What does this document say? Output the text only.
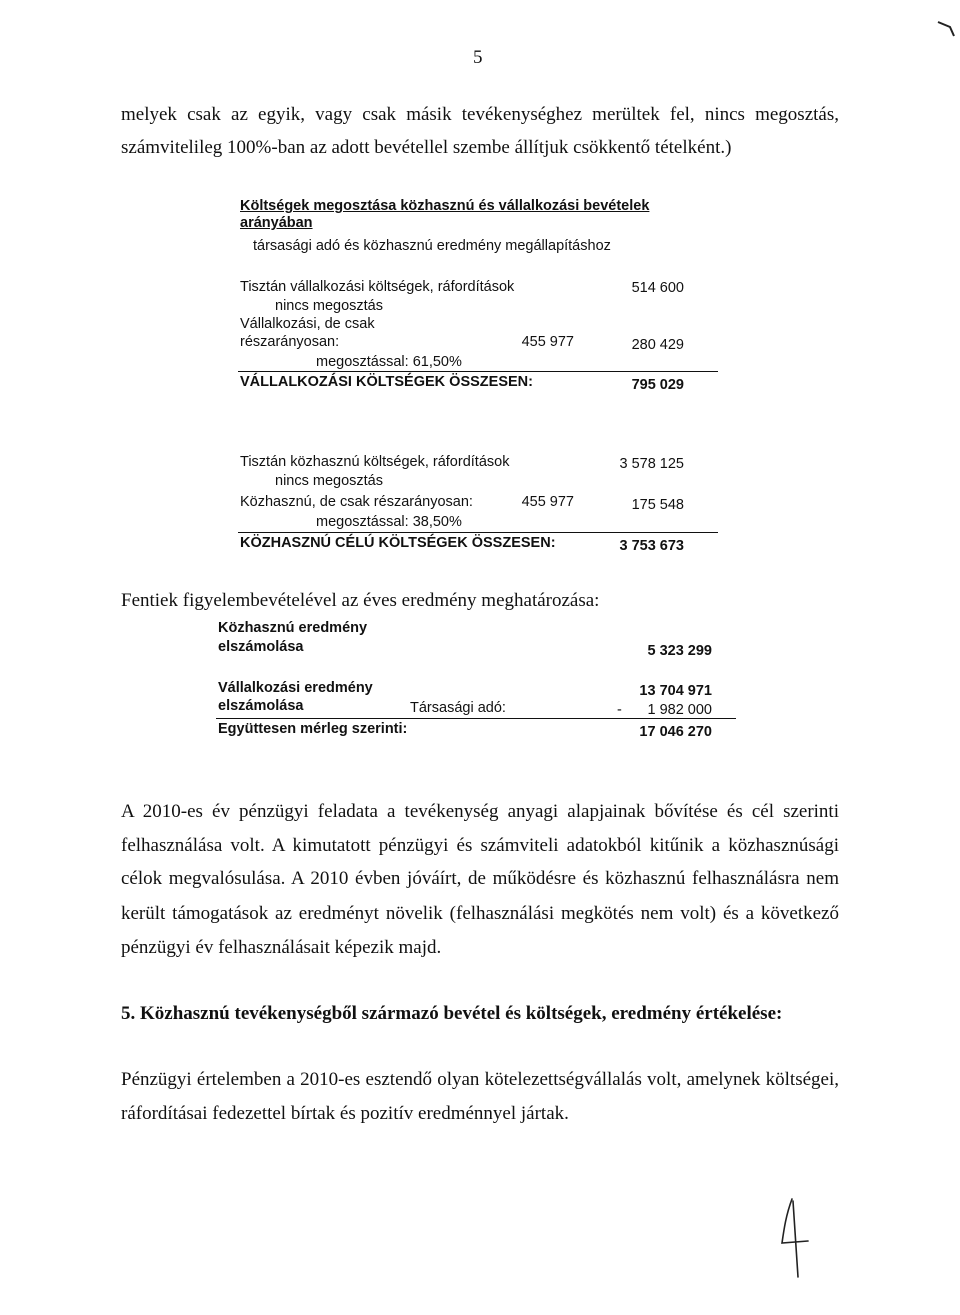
5
melyek csak az egyik, vagy csak másik tevékenységhez merültek fel, nincs megosztás,
számvitelileg 100%-ban az adott bevétellel szembe állítjuk csökkentő tételként.)
Költségek megosztása közhasznú és vállalkozási bevételek
arányában
társasági adó és közhasznú eredmény megállapításhoz
Tisztán vállalkozási költségek, ráfordítások	514 600
nincs megosztás
Vállalkozási, de csak
részarányosan:	455 977	280 429
megosztással: 61,50%
VÁLLALKOZÁSI KÖLTSÉGEK ÖSSZESEN:	795 029
Tisztán közhasznú költségek, ráfordítások	3 578 125
nincs megosztás
Közhasznú, de csak részarányosan:	455 977	175 548
megosztással: 38,50%
KÖZHASZNÚ CÉLÚ KÖLTSÉGEK ÖSSZESEN:	3 753 673
Fentiek figyelembevételével az éves eredmény meghatározása:
Közhasznú eredmény
elszámolása	5 323 299
Vállalkozási eredmény	13 704 971
elszámolása	Társasági adó:	-	1 982 000
Együttesen mérleg szerinti:	17 046 270
A 2010-es év pénzügyi feladata a tevékenység anyagi alapjainak bővítése és cél szerinti
felhasználása volt. A kimutatott pénzügyi és számviteli adatokból kitűnik a közhasznúsági
célok megvalósulása. A 2010 évben jóváírt, de működésre és közhasznú felhasználásra nem
került támogatások az eredményt növelik (felhasználási megkötés nem volt) és a következő
pénzügyi év felhasználásait képezik majd.
5. Közhasznú tevékenységből származó bevétel és költségek, eredmény értékelése:
Pénzügyi értelemben a 2010-es esztendő olyan kötelezettségvállalás volt, amelynek költségei,
ráfordításai fedezettel bírtak és pozitív eredménnyel jártak.
